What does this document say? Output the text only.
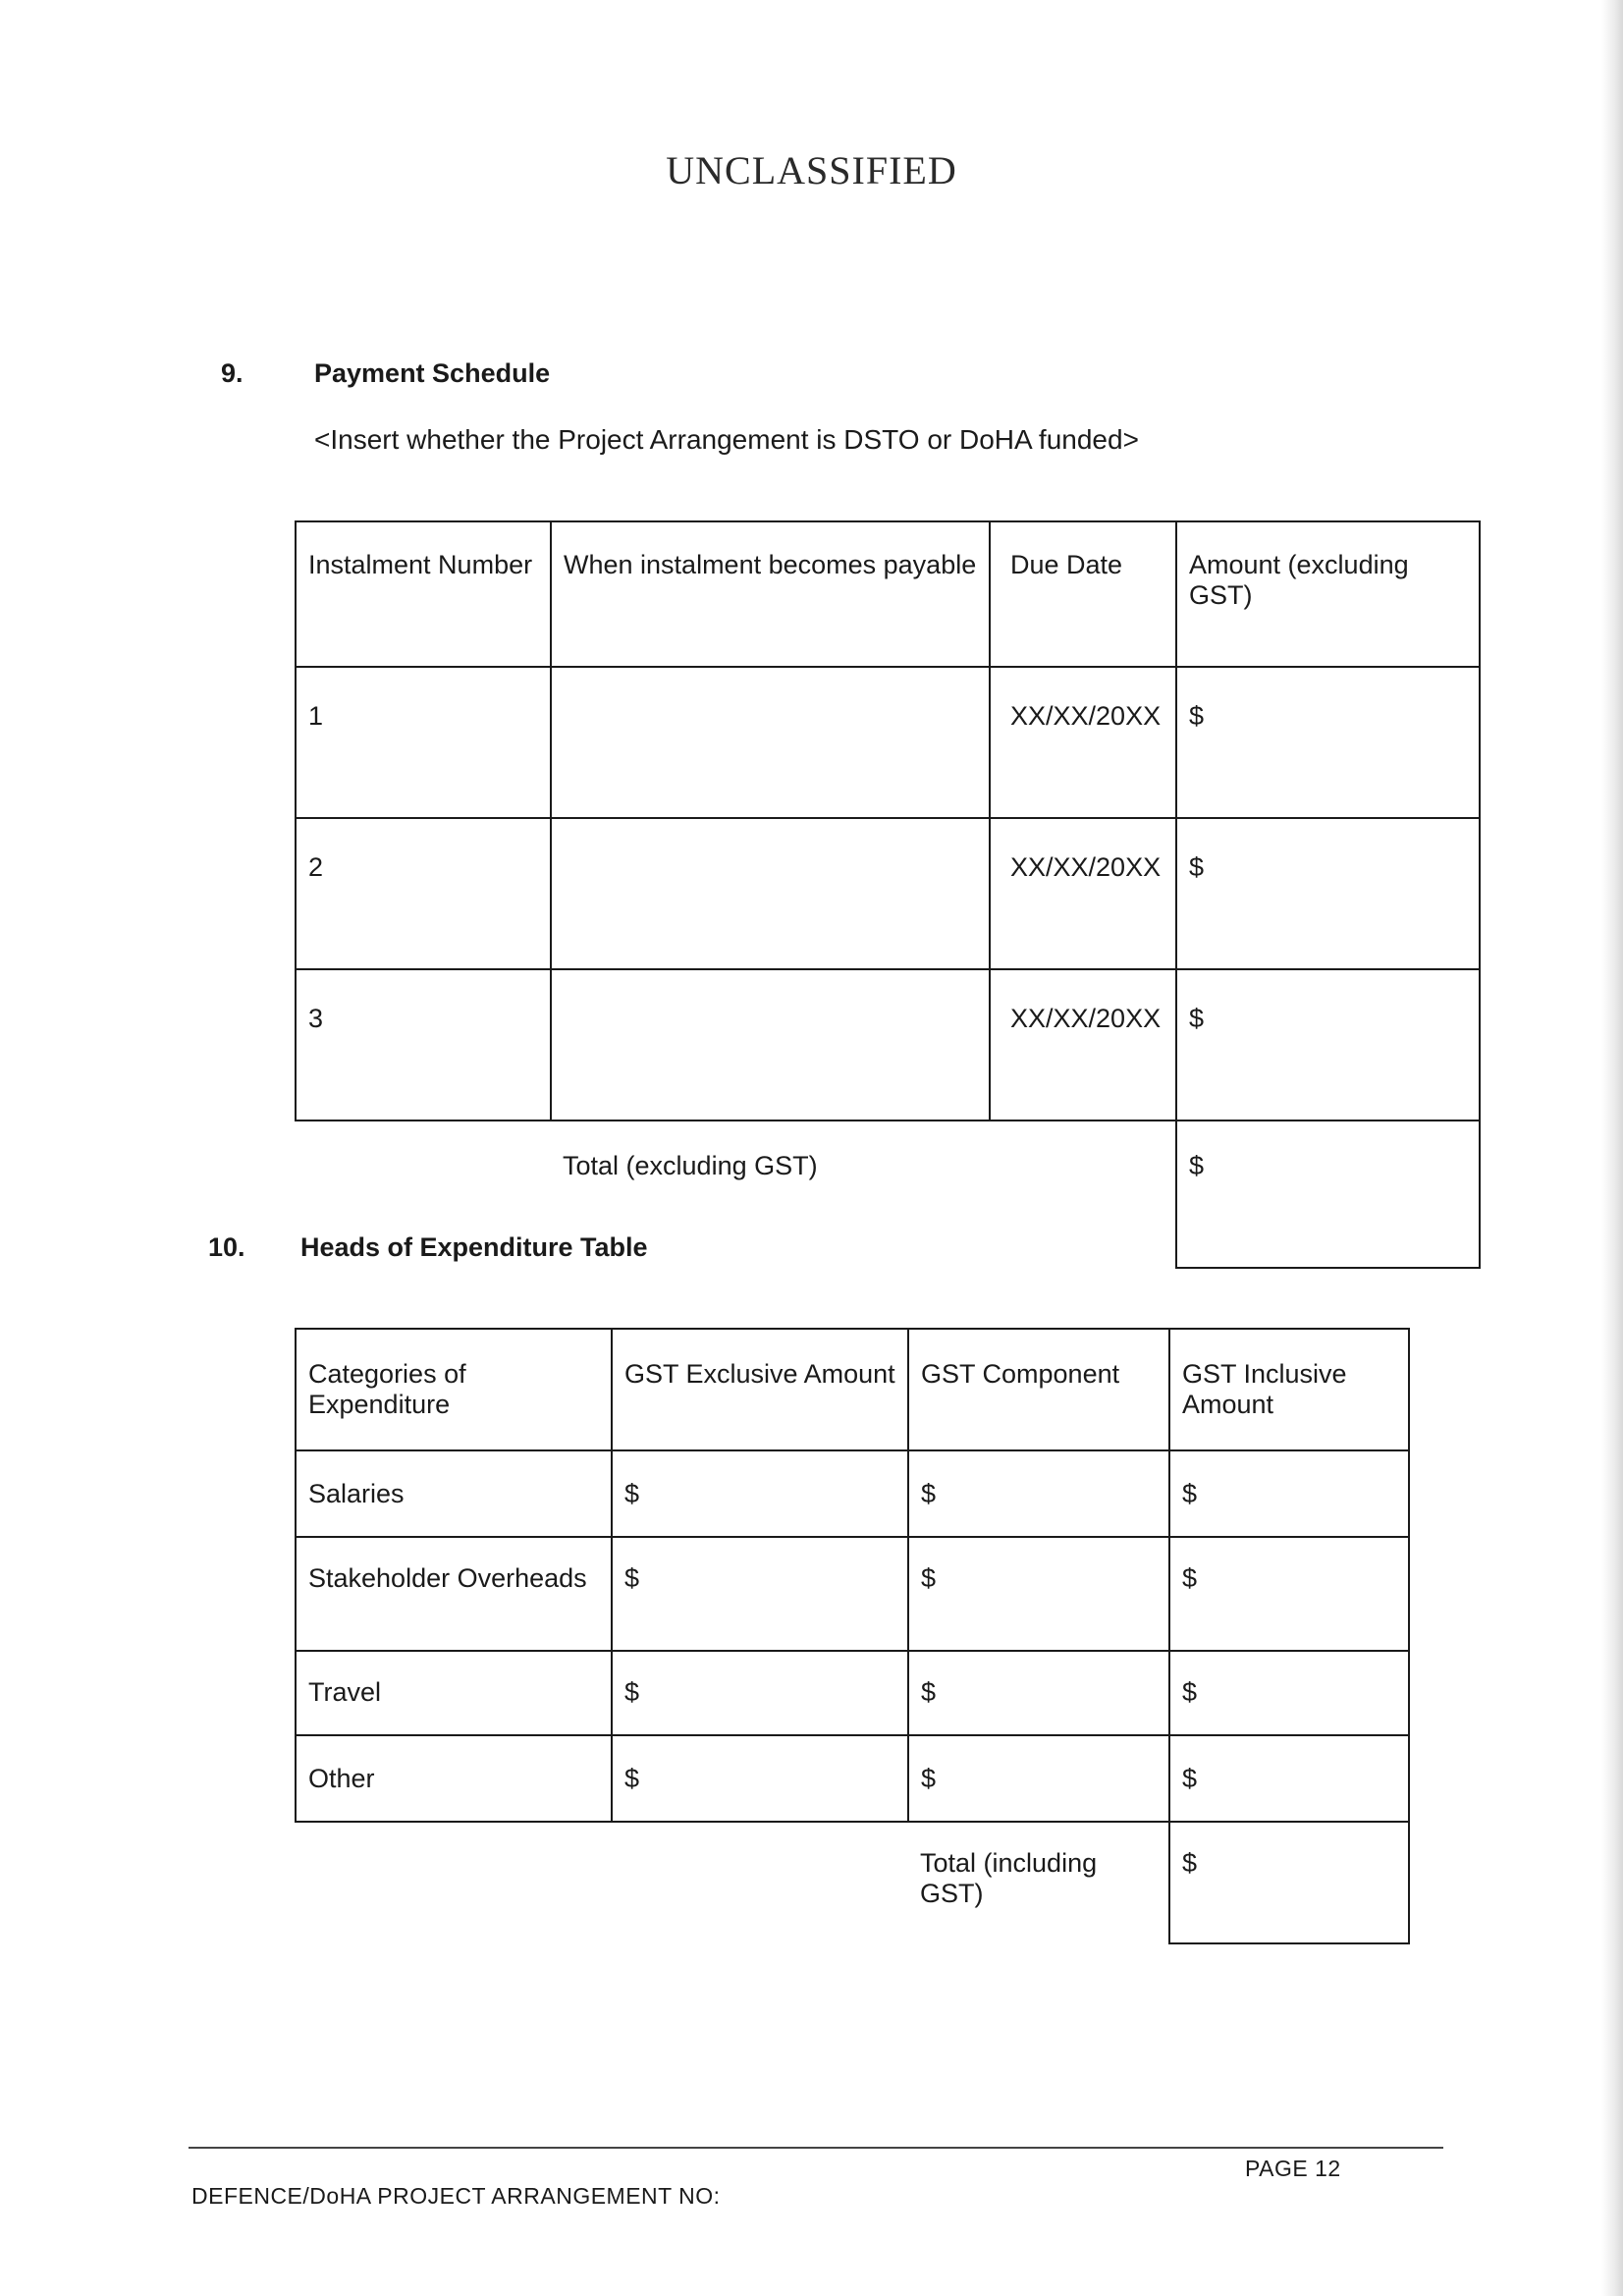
UNCLASSIFIED
9.	Payment Schedule
<Insert whether the Project Arrangement is DSTO or DoHA funded>
Instalment Number	When instalment becomes payable	Due Date	Amount (excluding GST)
1		XX/XX/20XX	$
2		XX/XX/20XX	$
3		XX/XX/20XX	$
Total (excluding GST)			$
10. Heads of Expenditure Table
Categories of Expenditure	GST Exclusive Amount	GST Component	GST Inclusive Amount
Salaries	$	$	$
Stakeholder Overheads	$	$	$
Travel	$	$	$
Other	$	$	$
		Total (including GST)	$
PAGE 12
DEFENCE/DoHA PROJECT ARRANGEMENT NO:
